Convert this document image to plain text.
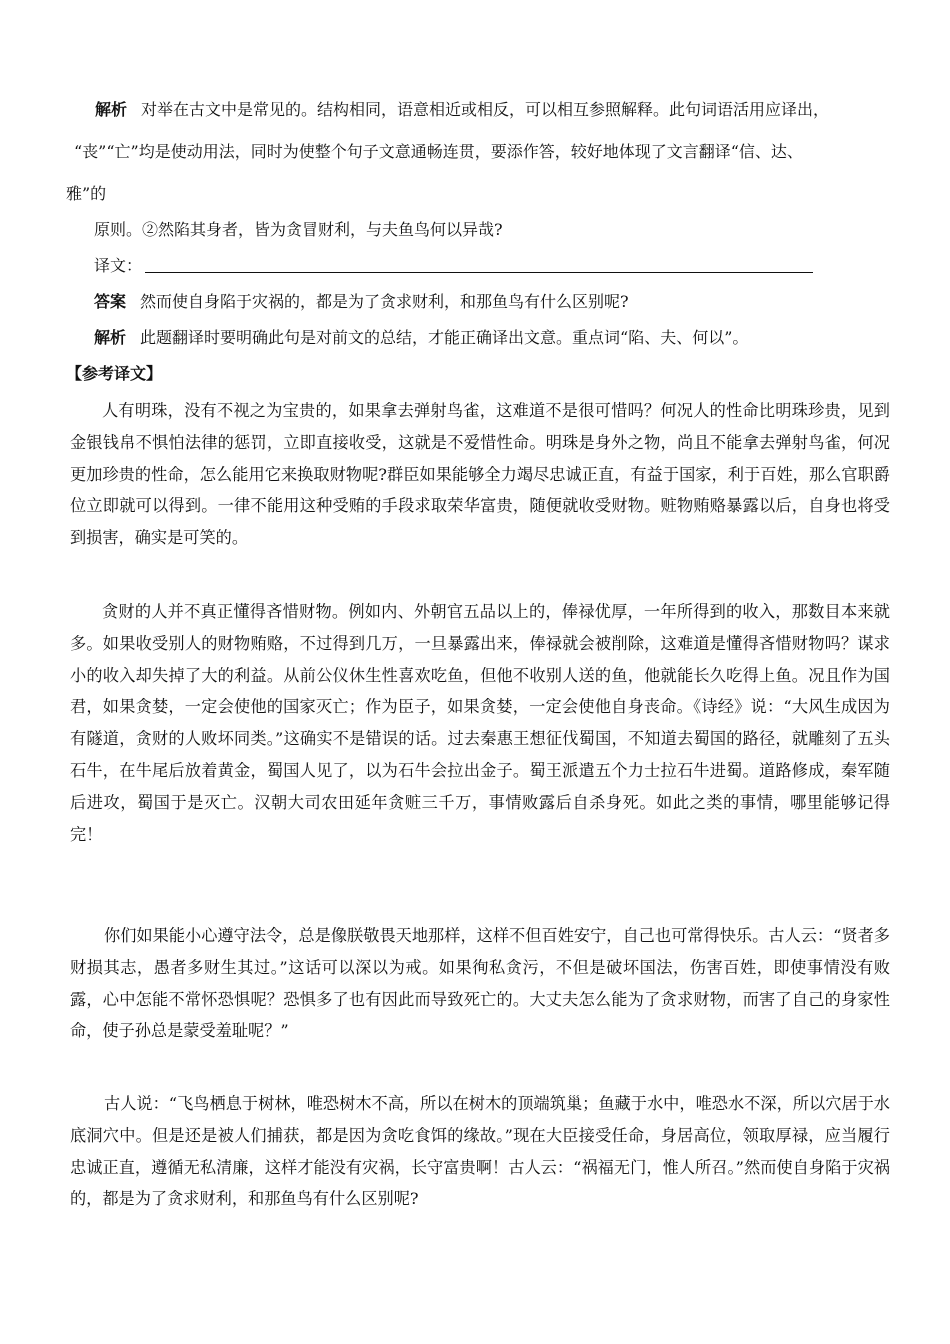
解析 对举在古文中是常见的。结构相同，语意相近或相反，可以相互参照解释。此句词语活用应译出，
“丧”“亡”均是使动用法，同时为使整个句子文意通畅连贯，要添作答，较好地体现了文言翻译“信、达、
雅”的
原则。②然陷其身者，皆为贪冒财利，与夫鱼鸟何以异哉?
译文：
答案 然而使自身陷于灾祸的，都是为了贪求财利，和那鱼鸟有什么区别呢?
解析 此题翻译时要明确此句是对前文的总结，才能正确译出文意。重点词“陷、夫、何以”。
【参考译文】
人有明珠，没有不视之为宝贵的，如果拿去弹射鸟雀，这难道不是很可惜吗？何况人的性命比明珠珍贵，见到金银钱帛不惧怕法律的惩罚，立即直接收受，这就是不爱惜性命。明珠是身外之物，尚且不能拿去弹射鸟雀，何况更加珍贵的性命，怎么能用它来换取财物呢?群臣如果能够全力竭尽忠诚正直，有益于国家，利于百姓，那么官职爵位立即就可以得到。一律不能用这种受贿的手段求取荣华富贵，随便就收受财物。赃物贿赂暴露以后，自身也将受到损害，确实是可笑的。
贪财的人并不真正懂得吝惜财物。例如内、外朝官五品以上的，俸禄优厚，一年所得到的收入，那数目本来就多。如果收受别人的财物贿赂，不过得到几万，一旦暴露出来，俸禄就会被削除，这难道是懂得吝惜财物吗？谋求小的收入却失掉了大的利益。从前公仪休生性喜欢吃鱼，但他不收别人送的鱼，他就能长久吃得上鱼。况且作为国君，如果贪婪，一定会使他的国家灭亡；作为臣子，如果贪婪，一定会使他自身丧命。《诗经》说：“大风生成因为有隧道，贪财的人败坏同类。”这确实不是错误的话。过去秦惠王想征伐蜀国，不知道去蜀国的路径，就雕刻了五头石牛，在牛尾后放着黄金，蜀国人见了，以为石牛会拉出金子。蜀王派遣五个力士拉石牛进蜀。道路修成，秦军随后进攻，蜀国于是灭亡。汉朝大司农田延年贪赃三千万，事情败露后自杀身死。如此之类的事情，哪里能够记得完！
你们如果能小心遵守法令，总是像朕敬畏天地那样，这样不但百姓安宁，自己也可常得快乐。古人云：“贤者多财损其志，愚者多财生其过。”这话可以深以为戒。如果徇私贪污，不但是破坏国法，伤害百姓，即使事情没有败露，心中怎能不常怀恐惧呢？恐惧多了也有因此而导致死亡的。大丈夫怎么能为了贪求财物，而害了自己的身家性命，使子孙总是蒙受羞耻呢？”
古人说：“飞鸟栖息于树林，唯恐树木不高，所以在树木的顶端筑巢；鱼藏于水中，唯恐水不深，所以穴居于水底洞穴中。但是还是被人们捕获，都是因为贪吃食饵的缘故。”现在大臣接受任命，身居高位，领取厚禄，应当履行忠诚正直，遵循无私清廉，这样才能没有灾祸，长守富贵啊！古人云：“祸福无门，惟人所召。”然而使自身陷于灾祸的，都是为了贪求财利，和那鱼鸟有什么区别呢?
